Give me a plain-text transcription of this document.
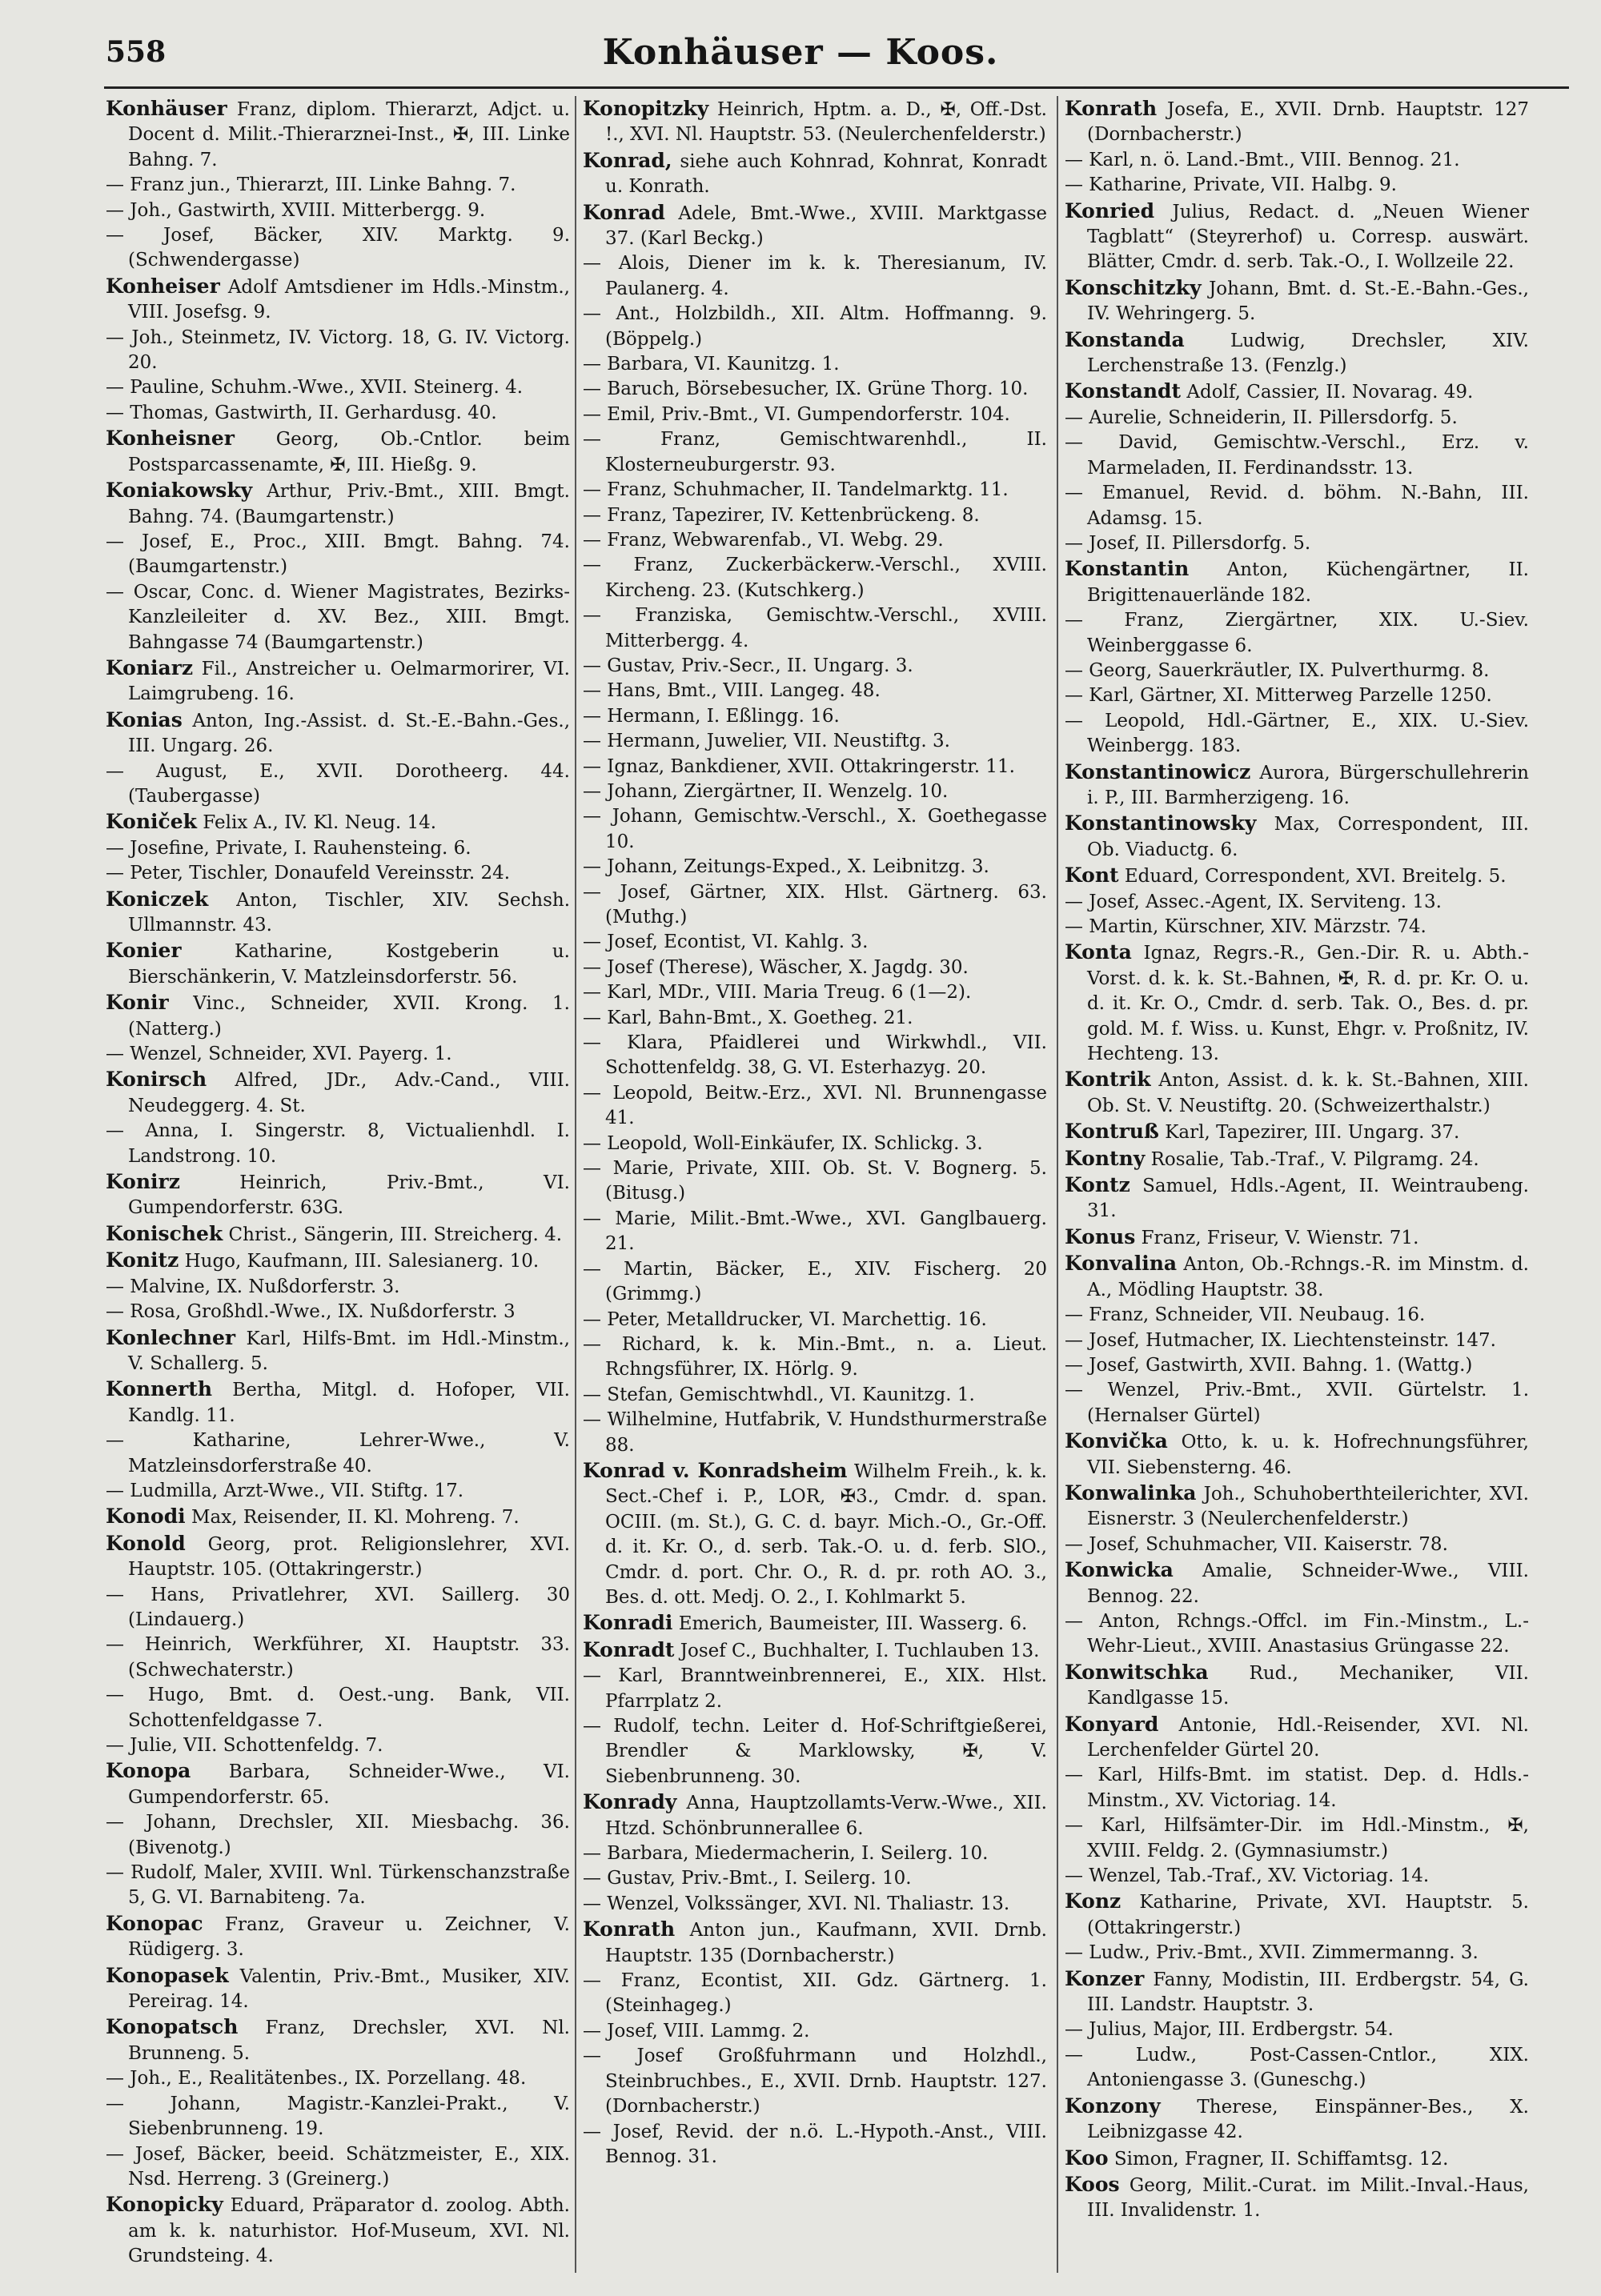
558	Konhäuser — Koos.

Konhäuser Franz, diplom. Thierarzt, Adjct. u. Docent d. Milit.-Thierarznei-Inst., ✠, III. Linke Bahng. 7.

— Franz jun., Thierarzt, III. Linke Bahng. 7.

— Joh., Gastwirth, XVIII. Mitterbergg. 9.

— Josef, Bäcker, XIV. Marktg. 9. (Schwendergasse)

Konheiser Adolf Amtsdiener im Hdls.-Minstm., VIII. Josefsg. 9.

— Joh., Steinmetz, IV. Victorg. 18, G. IV. Victorg. 20.

— Pauline, Schuhm.-Wwe., XVII. Steinerg. 4.

— Thomas, Gastwirth, II. Gerhardusg. 40.

Konheisner Georg, Ob.-Cntlor. beim Postsparcassenamte, ✠, III. Hießg. 9.

Koniakowsky Arthur, Priv.-Bmt., XIII. Bmgt. Bahng. 74. (Baumgartenstr.)

— Josef, E., Proc., XIII. Bmgt. Bahng. 74. (Baumgartenstr.)

— Oscar, Conc. d. Wiener Magistrates, Bezirks-Kanzleileiter d. XV. Bez., XIII. Bmgt. Bahngasse 74 (Baumgartenstr.)

Koniarz Fil., Anstreicher u. Oelmarmorirer, VI. Laimgrubeng. 16.

Konias Anton, Ing.-Assist. d. St.-E.-Bahn.-Ges., III. Ungarg. 26.

— August, E., XVII. Dorotheerg. 44. (Taubergasse)

Koniček Felix A., IV. Kl. Neug. 14.

— Josefine, Private, I. Rauhensteing. 6.

— Peter, Tischler, Donaufeld Vereinsstr. 24.

Koniczek Anton, Tischler, XIV. Sechsh. Ullmannstr. 43.

Konier Katharine, Kostgeberin u. Bierschänkerin, V. Matzleinsdorferstr. 56.

Konir Vinc., Schneider, XVII. Krong. 1. (Natterg.)

— Wenzel, Schneider, XVI. Payerg. 1.

Konirsch Alfred, JDr., Adv.-Cand., VIII. Neudeggerg. 4. St.

— Anna, I. Singerstr. 8, Victualienhdl. I. Landstrong. 10.

Konirz Heinrich, Priv.-Bmt., VI. Gumpendorferstr. 63G.

Konischek Christ., Sängerin, III. Streicherg. 4.

Konitz Hugo, Kaufmann, III. Salesianerg. 10.

— Malvine, IX. Nußdorferstr. 3.

— Rosa, Großhdl.-Wwe., IX. Nußdorferstr. 3

Konlechner Karl, Hilfs-Bmt. im Hdl.-Minstm., V. Schallerg. 5.

Konnerth Bertha, Mitgl. d. Hofoper, VII. Kandlg. 11.

— Katharine, Lehrer-Wwe., V. Matzleinsdorferstraße 40.

— Ludmilla, Arzt-Wwe., VII. Stiftg. 17.

Konodi Max, Reisender, II. Kl. Mohreng. 7.

Konold Georg, prot. Religionslehrer, XVI. Hauptstr. 105. (Ottakringerstr.)

— Hans, Privatlehrer, XVI. Saillerg. 30 (Lindauerg.)

— Heinrich, Werkführer, XI. Hauptstr. 33. (Schwechaterstr.)

— Hugo, Bmt. d. Oest.-ung. Bank, VII. Schottenfeldgasse 7.

— Julie, VII. Schottenfeldg. 7.

Konopa Barbara, Schneider-Wwe., VI. Gumpendorferstr. 65.

— Johann, Drechsler, XII. Miesbachg. 36. (Bivenotg.)

— Rudolf, Maler, XVIII. Wnl. Türkenschanzstraße 5, G. VI. Barnabiteng. 7a.

Konopac Franz, Graveur u. Zeichner, V. Rüdigerg. 3.

Konopasek Valentin, Priv.-Bmt., Musiker, XIV. Pereirag. 14.

Konopatsch Franz, Drechsler, XVI. Nl. Brunneng. 5.

— Joh., E., Realitätenbes., IX. Porzellang. 48.

— Johann, Magistr.-Kanzlei-Prakt., V. Siebenbrunneng. 19.

— Josef, Bäcker, beeid. Schätzmeister, E., XIX. Nsd. Herreng. 3 (Greinerg.)

Konopicky Eduard, Präparator d. zoolog. Abth. am k. k. naturhistor. Hof-Museum, XVI. Nl. Grundsteing. 4.

Konopitzky Heinrich, Hptm. a. D., ✠, Off.-Dst. !., XVI. Nl. Hauptstr. 53. (Neulerchenfelderstr.)

Konrad, siehe auch Kohnrad, Kohnrat, Konradt u. Konrath.

Konrad Adele, Bmt.-Wwe., XVIII. Marktgasse 37. (Karl Beckg.)

— Alois, Diener im k. k. Theresianum, IV. Paulanerg. 4.

— Ant., Holzbildh., XII. Altm. Hoffmanng. 9. (Böppelg.)

— Barbara, VI. Kaunitzg. 1.

— Baruch, Börsebesucher, IX. Grüne Thorg. 10.

— Emil, Priv.-Bmt., VI. Gumpendorferstr. 104.

— Franz, Gemischtwarenhdl., II. Klosterneuburgerstr. 93.

— Franz, Schuhmacher, II. Tandelmarktg. 11.

— Franz, Tapezirer, IV. Kettenbrückeng. 8.

— Franz, Webwarenfab., VI. Webg. 29.

— Franz, Zuckerbäckerw.-Verschl., XVIII. Kircheng. 23. (Kutschkerg.)

— Franziska, Gemischtw.-Verschl., XVIII. Mitterbergg. 4.

— Gustav, Priv.-Secr., II. Ungarg. 3.

— Hans, Bmt., VIII. Langeg. 48.

— Hermann, I. Eßlingg. 16.

— Hermann, Juwelier, VII. Neustiftg. 3.

— Ignaz, Bankdiener, XVII. Ottakringerstr. 11.

— Johann, Ziergärtner, II. Wenzelg. 10.

— Johann, Gemischtw.-Verschl., X. Goethegasse 10.

— Johann, Zeitungs-Exped., X. Leibnitzg. 3.

— Josef, Gärtner, XIX. Hlst. Gärtnerg. 63. (Muthg.)

— Josef, Econtist, VI. Kahlg. 3.

— Josef (Therese), Wäscher, X. Jagdg. 30.

— Karl, MDr., VIII. Maria Treug. 6 (1—2).

— Karl, Bahn-Bmt., X. Goetheg. 21.

— Klara, Pfaidlerei und Wirkwhdl., VII. Schottenfeldg. 38, G. VI. Esterhazyg. 20.

— Leopold, Beitw.-Erz., XVI. Nl. Brunnengasse 41.

— Leopold, Woll-Einkäufer, IX. Schlickg. 3.

— Marie, Private, XIII. Ob. St. V. Bognerg. 5. (Bitusg.)

— Marie, Milit.-Bmt.-Wwe., XVI. Ganglbauerg. 21.

— Martin, Bäcker, E., XIV. Fischerg. 20 (Grimmg.)

— Peter, Metalldrucker, VI. Marchettig. 16.

— Richard, k. k. Min.-Bmt., n. a. Lieut. Rchngsführer, IX. Hörlg. 9.

— Stefan, Gemischtwhdl., VI. Kaunitzg. 1.

— Wilhelmine, Hutfabrik, V. Hundsthurmerstraße 88.

Konrad v. Konradsheim Wilhelm Freih., k. k. Sect.-Chef i. P., LOR, ✠3., Cmdr. d. span. OCIII. (m. St.), G. C. d. bayr. Mich.-O., Gr.-Off. d. it. Kr. O., d. serb. Tak.-O. u. d. ferb. SlO., Cmdr. d. port. Chr. O., R. d. pr. roth AO. 3., Bes. d. ott. Medj. O. 2., I. Kohlmarkt 5.

Konradi Emerich, Baumeister, III. Wasserg. 6.

Konradt Josef C., Buchhalter, I. Tuchlauben 13.

— Karl, Branntweinbrennerei, E., XIX. Hlst. Pfarrplatz 2.

— Rudolf, techn. Leiter d. Hof-Schriftgießerei, Brendler & Marklowsky, ✠, V. Siebenbrunneng. 30.

Konrady Anna, Hauptzollamts-Verw.-Wwe., XII. Htzd. Schönbrunnerallee 6.

— Barbara, Miedermacherin, I. Seilerg. 10.

— Gustav, Priv.-Bmt., I. Seilerg. 10.

— Wenzel, Volkssänger, XVI. Nl. Thaliastr. 13.

Konrath Anton jun., Kaufmann, XVII. Drnb. Hauptstr. 135 (Dornbacherstr.)

— Franz, Econtist, XII. Gdz. Gärtnerg. 1. (Steinhageg.)

— Josef, VIII. Lammg. 2.

— Josef Großfuhrmann und Holzhdl., Steinbruchbes., E., XVII. Drnb. Hauptstr. 127. (Dornbacherstr.)

— Josef, Revid. der n.ö. L.-Hypoth.-Anst., VIII. Bennog. 31.

Konrath Josefa, E., XVII. Drnb. Hauptstr. 127 (Dornbacherstr.)

— Karl, n. ö. Land.-Bmt., VIII. Bennog. 21.

— Katharine, Private, VII. Halbg. 9.

Konried Julius, Redact. d. „Neuen Wiener Tagblatt“ (Steyrerhof) u. Corresp. auswärt. Blätter, Cmdr. d. serb. Tak.-O., I. Wollzeile 22.

Konschitzky Johann, Bmt. d. St.-E.-Bahn.-Ges., IV. Wehringerg. 5.

Konstanda Ludwig, Drechsler, XIV. Lerchenstraße 13. (Fenzlg.)

Konstandt Adolf, Cassier, II. Novarag. 49.

— Aurelie, Schneiderin, II. Pillersdorfg. 5.

— David, Gemischtw.-Verschl., Erz. v. Marmeladen, II. Ferdinandsstr. 13.

— Emanuel, Revid. d. böhm. N.-Bahn, III. Adamsg. 15.

— Josef, II. Pillersdorfg. 5.

Konstantin Anton, Küchengärtner, II. Brigittenauerlände 182.

— Franz, Ziergärtner, XIX. U.-Siev. Weinberggasse 6.

— Georg, Sauerkräutler, IX. Pulverthurmg. 8.

— Karl, Gärtner, XI. Mitterweg Parzelle 1250.

— Leopold, Hdl.-Gärtner, E., XIX. U.-Siev. Weinbergg. 183.

Konstantinowicz Aurora, Bürgerschullehrerin i. P., III. Barmherzigeng. 16.

Konstantinowsky Max, Correspondent, III. Ob. Viaductg. 6.

Kont Eduard, Correspondent, XVI. Breitelg. 5.

— Josef, Assec.-Agent, IX. Serviteng. 13.

— Martin, Kürschner, XIV. Märzstr. 74.

Konta Ignaz, Regrs.-R., Gen.-Dir. R. u. Abth.-Vorst. d. k. k. St.-Bahnen, ✠, R. d. pr. Kr. O. u. d. it. Kr. O., Cmdr. d. serb. Tak. O., Bes. d. pr. gold. M. f. Wiss. u. Kunst, Ehgr. v. Proßnitz, IV. Hechteng. 13.

Kontrik Anton, Assist. d. k. k. St.-Bahnen, XIII. Ob. St. V. Neustiftg. 20. (Schweizerthalstr.)

Kontruß Karl, Tapezirer, III. Ungarg. 37.

Kontny Rosalie, Tab.-Traf., V. Pilgramg. 24.

Kontz Samuel, Hdls.-Agent, II. Weintraubeng. 31.

Konus Franz, Friseur, V. Wienstr. 71.

Konvalina Anton, Ob.-Rchngs.-R. im Minstm. d. A., Mödling Hauptstr. 38.

— Franz, Schneider, VII. Neubaug. 16.

— Josef, Hutmacher, IX. Liechtensteinstr. 147.

— Josef, Gastwirth, XVII. Bahng. 1. (Wattg.)

— Wenzel, Priv.-Bmt., XVII. Gürtelstr. 1. (Hernalser Gürtel)

Konvička Otto, k. u. k. Hofrechnungsführer, VII. Siebensterng. 46.

Konwalinka Joh., Schuhoberthteilerichter, XVI. Eisnerstr. 3 (Neulerchenfelderstr.)

— Josef, Schuhmacher, VII. Kaiserstr. 78.

Konwicka Amalie, Schneider-Wwe., VIII. Bennog. 22.

— Anton, Rchngs.-Offcl. im Fin.-Minstm., L.-Wehr-Lieut., XVIII. Anastasius Grüngasse 22.

Konwitschka Rud., Mechaniker, VII. Kandlgasse 15.

Konyard Antonie, Hdl.-Reisender, XVI. Nl. Lerchenfelder Gürtel 20.

— Karl, Hilfs-Bmt. im statist. Dep. d. Hdls.-Minstm., XV. Victoriag. 14.

— Karl, Hilfsämter-Dir. im Hdl.-Minstm., ✠, XVIII. Feldg. 2. (Gymnasiumstr.)

— Wenzel, Tab.-Traf., XV. Victoriag. 14.

Konz Katharine, Private, XVI. Hauptstr. 5. (Ottakringerstr.)

— Ludw., Priv.-Bmt., XVII. Zimmermanng. 3.

Konzer Fanny, Modistin, III. Erdbergstr. 54, G. III. Landstr. Hauptstr. 3.

— Julius, Major, III. Erdbergstr. 54.

— Ludw., Post-Cassen-Cntlor., XIX. Antoniengasse 3. (Guneschg.)

Konzony Therese, Einspänner-Bes., X. Leibnizgasse 42.

Koo Simon, Fragner, II. Schiffamtsg. 12.

Koos Georg, Milit.-Curat. im Milit.-Inval.-Haus, III. Invalidenstr. 1.
